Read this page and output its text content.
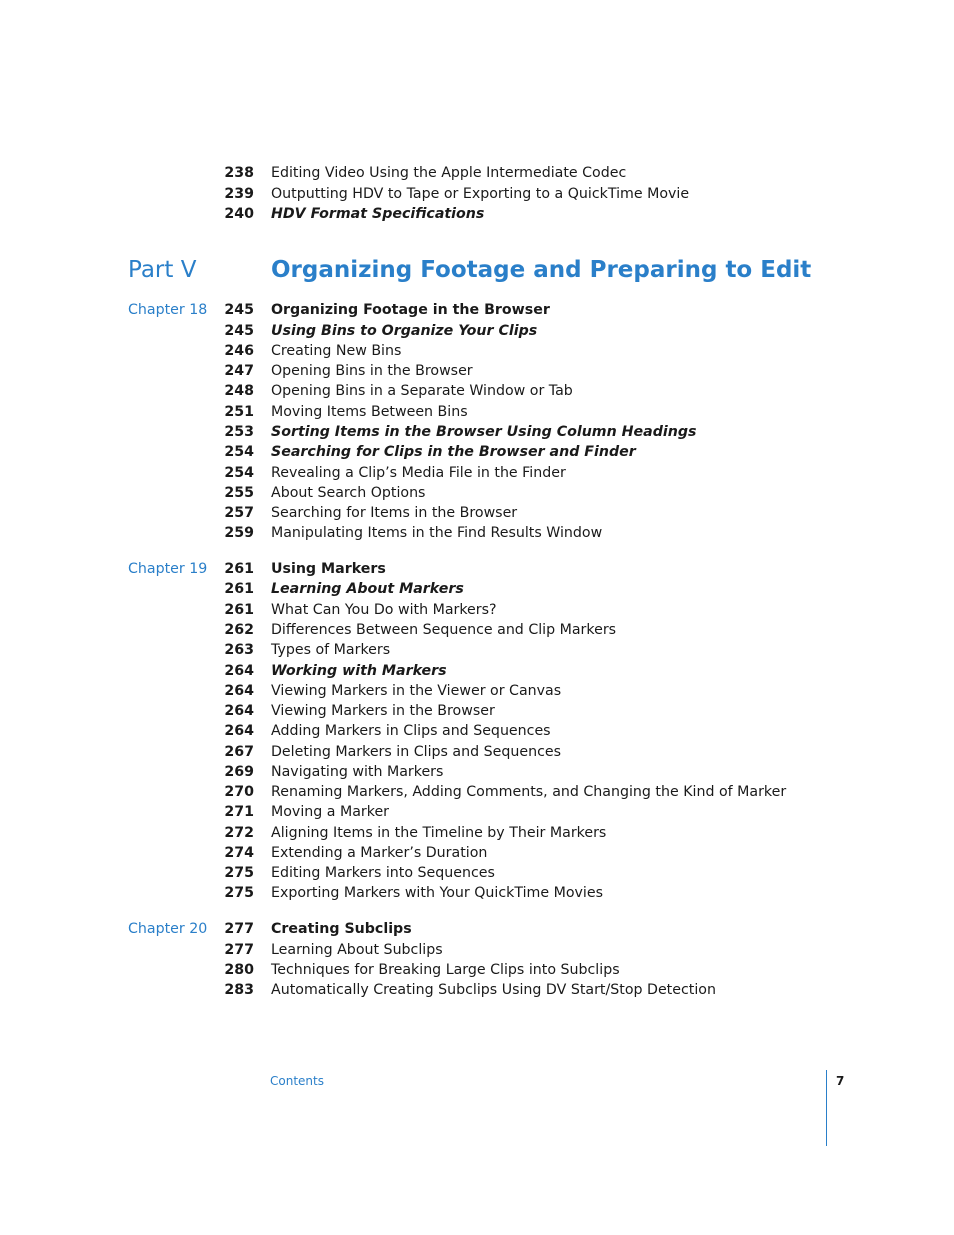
238 Editing Video Using the Apple Intermediate Codec
239 Outputting HDV to Tape or Exporting to a QuickTime Movie
240 HDV Format Specifications
Part V	Organizing Footage and Preparing to Edit
Chapter 18	245 Organizing Footage in the Browser
245 Using Bins to Organize Your Clips
246 Creating New Bins
247 Opening Bins in the Browser
248 Opening Bins in a Separate Window or Tab
251 Moving Items Between Bins
253 Sorting Items in the Browser Using Column Headings
254 Searching for Clips in the Browser and Finder
254 Revealing a Clip’s Media File in the Finder
255 About Search Options
257 Searching for Items in the Browser
259 Manipulating Items in the Find Results Window
Chapter 19	261 Using Markers
261 Learning About Markers
261 What Can You Do with Markers?
262 Differences Between Sequence and Clip Markers
263 Types of Markers
264 Working with Markers
264 Viewing Markers in the Viewer or Canvas
264 Viewing Markers in the Browser
264 Adding Markers in Clips and Sequences
267 Deleting Markers in Clips and Sequences
269 Navigating with Markers
270 Renaming Markers, Adding Comments, and Changing the Kind of Marker
271 Moving a Marker
272 Aligning Items in the Timeline by Their Markers
274 Extending a Marker’s Duration
275 Editing Markers into Sequences
275 Exporting Markers with Your QuickTime Movies
Chapter 20	277 Creating Subclips
277 Learning About Subclips
280 Techniques for Breaking Large Clips into Subclips
283 Automatically Creating Subclips Using DV Start/Stop Detection
Contents	7
